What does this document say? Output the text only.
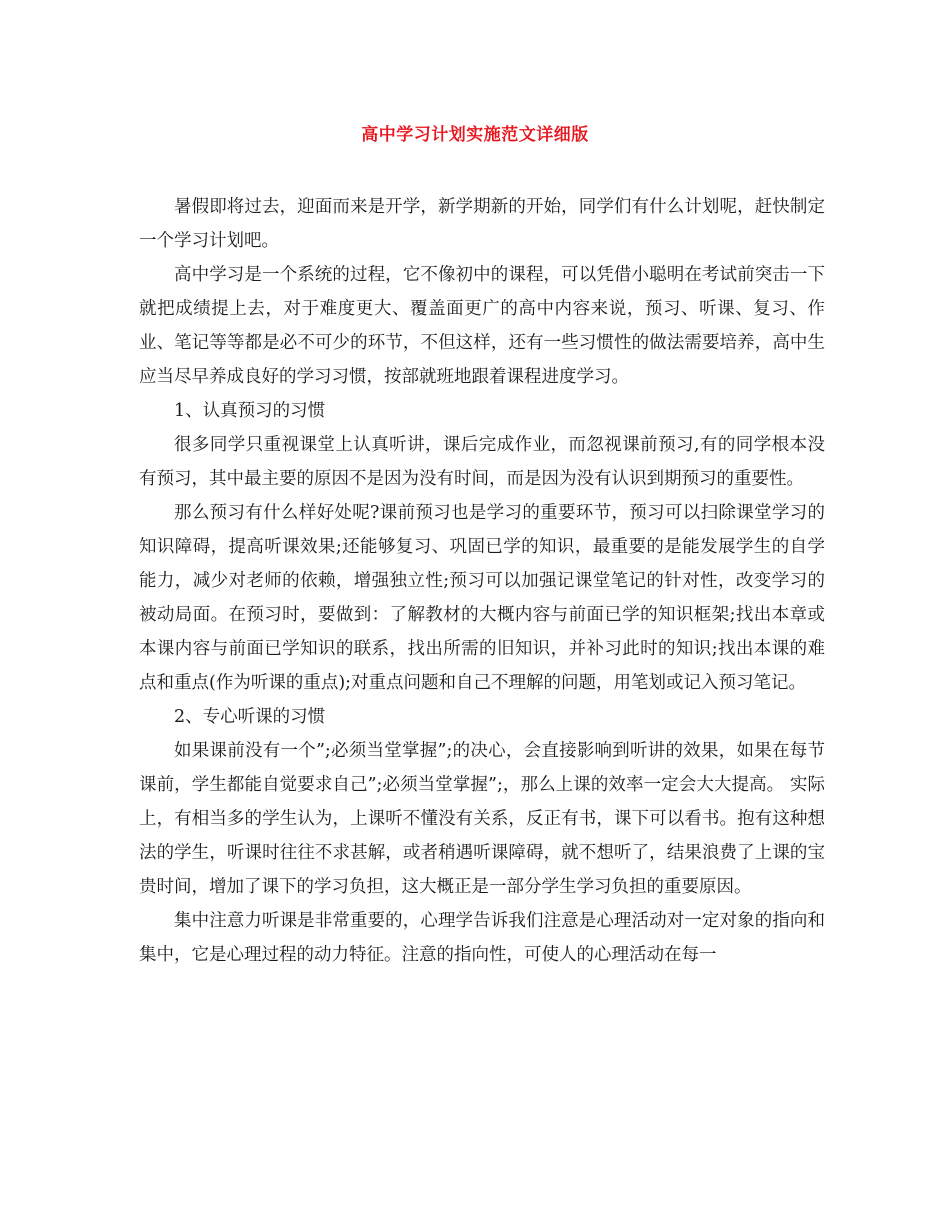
高中学习计划实施范文详细版

暑假即将过去，迎面而来是开学，新学期新的开始，同学们有什么计划呢，赶快制定一个学习计划吧。

高中学习是一个系统的过程，它不像初中的课程，可以凭借小聪明在考试前突击一下就把成绩提上去，对于难度更大、覆盖面更广的高中内容来说，预习、听课、复习、作业、笔记等等都是必不可少的环节，不但这样，还有一些习惯性的做法需要培养，高中生应当尽早养成良好的学习习惯，按部就班地跟着课程进度学习。

1、认真预习的习惯

很多同学只重视课堂上认真听讲，课后完成作业，而忽视课前预习,有的同学根本没有预习，其中最主要的原因不是因为没有时间，而是因为没有认识到期预习的重要性。

那么预习有什么样好处呢?课前预习也是学习的重要环节，预习可以扫除课堂学习的知识障碍，提高听课效果;还能够复习、巩固已学的知识，最重要的是能发展学生的自学能力，减少对老师的依赖，增强独立性;预习可以加强记课堂笔记的针对性，改变学习的被动局面。在预习时，要做到：了解教材的大概内容与前面已学的知识框架;找出本章或本课内容与前面已学知识的联系，找出所需的旧知识，并补习此时的知识;找出本课的难点和重点(作为听课的重点);对重点问题和自己不理解的问题，用笔划或记入预习笔记。

2、专心听课的习惯

如果课前没有一个”;必须当堂掌握”;的决心，会直接影响到听讲的效果，如果在每节课前，学生都能自觉要求自己”;必须当堂掌握”;，那么上课的效率一定会大大提高。 实际上，有相当多的学生认为，上课听不懂没有关系，反正有书，课下可以看书。抱有这种想法的学生，听课时往往不求甚解，或者稍遇听课障碍，就不想听了，结果浪费了上课的宝贵时间，增加了课下的学习负担，这大概正是一部分学生学习负担的重要原因。

集中注意力听课是非常重要的，心理学告诉我们注意是心理活动对一定对象的指向和集中，它是心理过程的动力特征。注意的指向性，可使人的心理活动在每一
